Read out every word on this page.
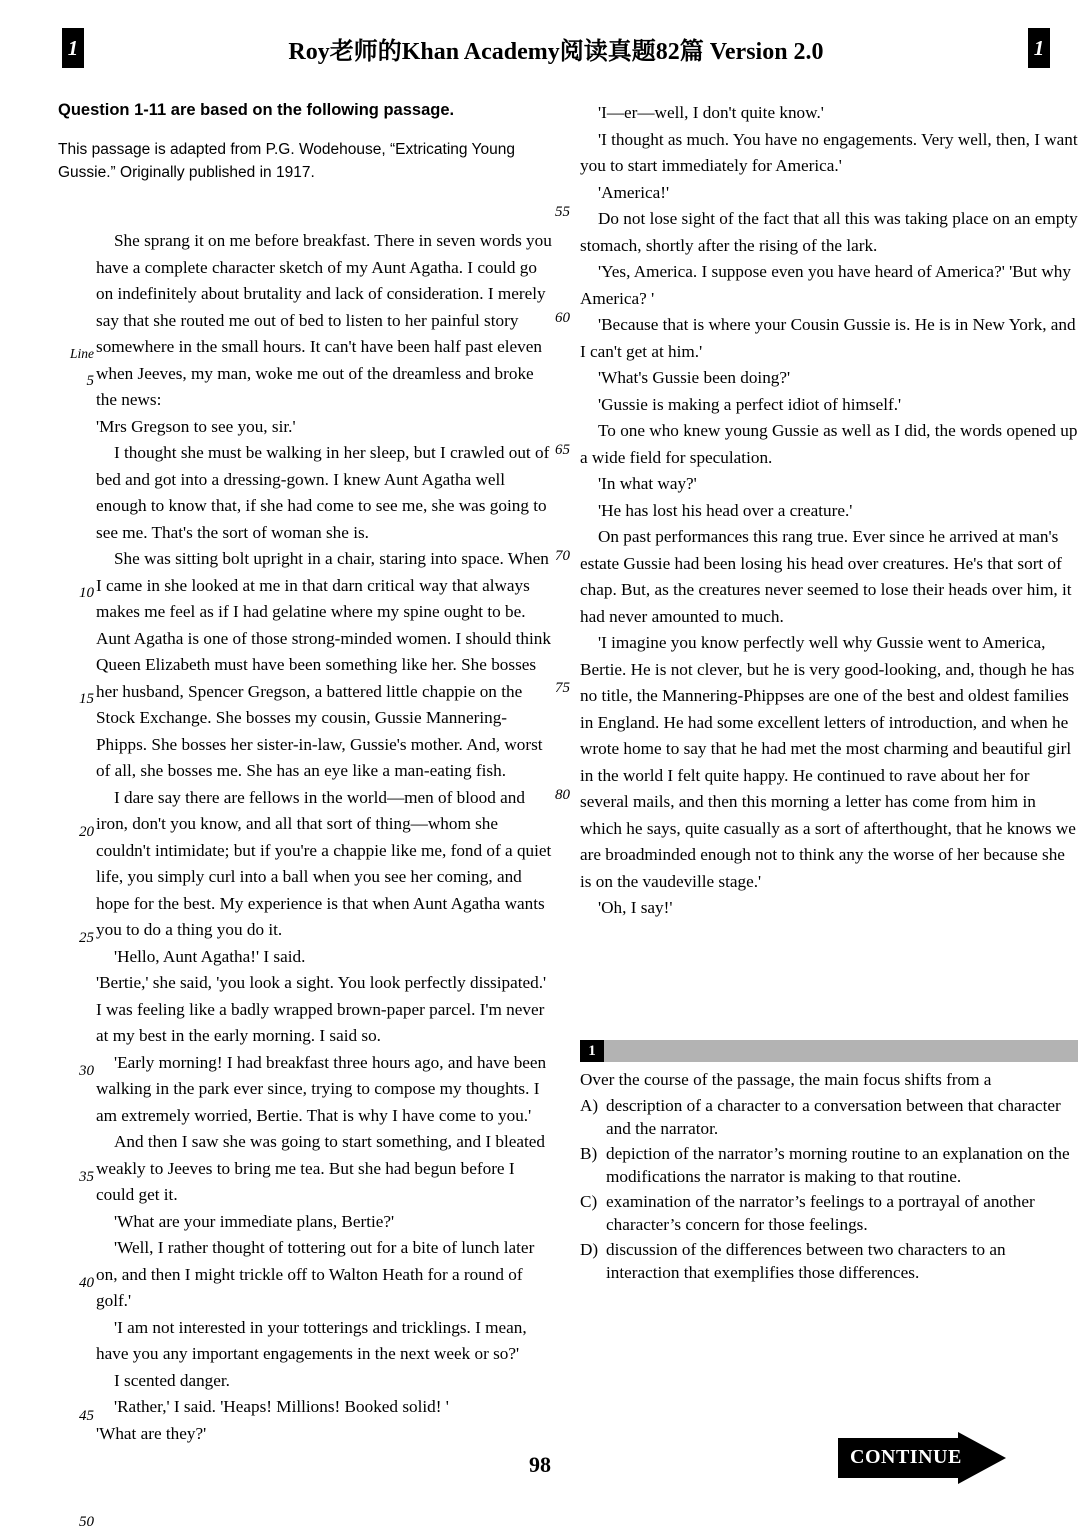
1	Roy老师的Khan Academy阅读真题82篇 Version 2.0	1

Question 1-11 are based on the following passage.

This passage is adapted from P.G. Wodehouse, “Extricating Young Gussie.” Originally published in 1917.

Line
5
10
15
20
25
30
35
40
45
50

She sprang it on me before breakfast. There in seven words you have a complete character sketch of my Aunt Agatha. I could go on indefinitely about brutality and lack of consideration. I merely say that she routed me out of bed to listen to her painful story somewhere in the small hours. It can't have been half past eleven when Jeeves, my man, woke me out of the dreamless and broke the news:

'Mrs Gregson to see you, sir.'

I thought she must be walking in her sleep, but I crawled out of bed and got into a dressing-gown. I knew Aunt Agatha well enough to know that, if she had come to see me, she was going to see me. That's the sort of woman she is.

She was sitting bolt upright in a chair, staring into space. When I came in she looked at me in that darn critical way that always makes me feel as if I had gelatine where my spine ought to be. Aunt Agatha is one of those strong-minded women. I should think Queen Elizabeth must have been something like her. She bosses her husband, Spencer Gregson, a battered little chappie on the Stock Exchange. She bosses my cousin, Gussie Mannering-Phipps. She bosses her sister-in-law, Gussie's mother. And, worst of all, she bosses me. She has an eye like a man-eating fish.

I dare say there are fellows in the world—men of blood and iron, don't you know, and all that sort of thing—whom she couldn't intimidate; but if you're a chappie like me, fond of a quiet life, you simply curl into a ball when you see her coming, and hope for the best. My experience is that when Aunt Agatha wants you to do a thing you do it.

'Hello, Aunt Agatha!' I said.

'Bertie,' she said, 'you look a sight. You look perfectly dissipated.'

I was feeling like a badly wrapped brown-paper parcel. I'm never at my best in the early morning. I said so.

'Early morning! I had breakfast three hours ago, and have been walking in the park ever since, trying to compose my thoughts. I am extremely worried, Bertie. That is why I have come to you.'

And then I saw she was going to start something, and I bleated weakly to Jeeves to bring me tea. But she had begun before I could get it.

'What are your immediate plans, Bertie?'

'Well, I rather thought of tottering out for a bite of lunch later on, and then I might trickle off to Walton Heath for a round of golf.'

'I am not interested in your totterings and tricklings. I mean, have you any important engagements in the next week or so?'

I scented danger.

'Rather,' I said. 'Heaps! Millions! Booked solid! '

'What are they?'

55
60
65
70
75
80

'I—er—well, I don't quite know.'

'I thought as much. You have no engagements. Very well, then, I want you to start immediately for America.'

'America!'

Do not lose sight of the fact that all this was taking place on an empty stomach, shortly after the rising of the lark.

'Yes, America. I suppose even you have heard of America?' 'But why America? '

'Because that is where your Cousin Gussie is. He is in New York, and I can't get at him.'

'What's Gussie been doing?'

'Gussie is making a perfect idiot of himself.'

To one who knew young Gussie as well as I did, the words opened up a wide field for speculation.

'In what way?'

'He has lost his head over a creature.'

On past performances this rang true. Ever since he arrived at man's estate Gussie had been losing his head over creatures. He's that sort of chap. But, as the creatures never seemed to lose their heads over him, it had never amounted to much.

'I imagine you know perfectly well why Gussie went to America, Bertie. He is not clever, but he is very good-looking, and, though he has no title, the Mannering-Phippses are one of the best and oldest families in England. He had some excellent letters of introduction, and when he wrote home to say that he had met the most charming and beautiful girl in the world I felt quite happy. He continued to rave about her for several mails, and then this morning a letter has come from him in which he says, quite casually as a sort of afterthought, that he knows we are broadminded enough not to think any the worse of her because she is on the vaudeville stage.'

'Oh, I say!'

1

Over the course of the passage, the main focus shifts from a

A) description of a character to a conversation between that character and the narrator.
B) depiction of the narrator’s morning routine to an explanation on the modifications the narrator is making to that routine.
C) examination of the narrator’s feelings to a portrayal of another character’s concern for those feelings.
D) discussion of the differences between two characters to an interaction that exemplifies those differences.
98	CONTINUE
